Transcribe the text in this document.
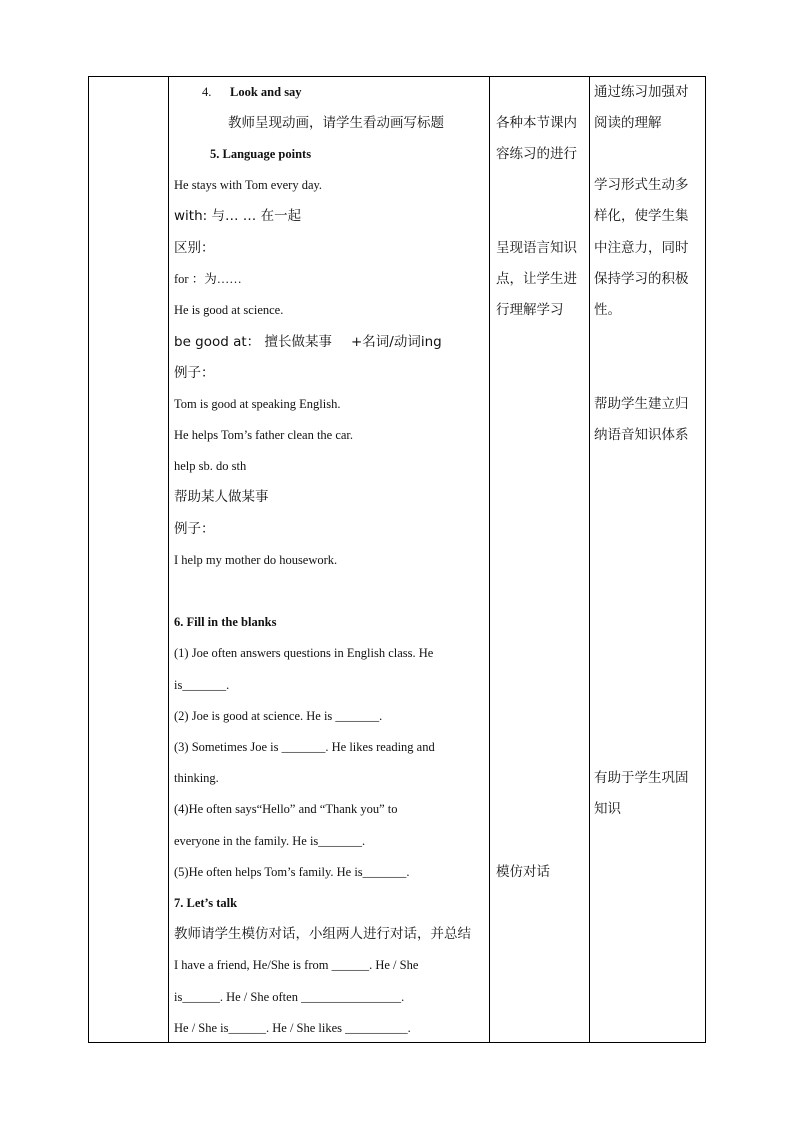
4. Look and say
教师呈现动画，请学生看动画写标题
5. Language points
He stays with Tom every day.
with: 与… … 在一起
区别：
for ：为……
He is good at science.
be good at： 擅长做某事 +名词/动词ing
例子：
Tom is good at speaking English.
He helps Tom’s father clean the car.
help sb. do sth
帮助某人做某事
例子：
I help my mother do housework.
6. Fill in the blanks
(1) Joe often answers questions in English class. He
is_______.
(2) Joe is good at science. He is _______.
(3) Sometimes Joe is _______. He likes reading and
thinking.
(4)He often says“Hello” and “Thank you” to
everyone in the family. He is_______.
(5)He often helps Tom’s family. He is_______.
7. Let’s talk
教师请学生模仿对话，小组两人进行对话，并总结
I have a friend, He/She is from ______. He / She
is______. He / She often ________________.
He / She is______. He / She likes __________.
各种本节课内
容练习的进行
呈现语言知识
点，让学生进
行理解学习
模仿对话
通过练习加强对
阅读的理解
学习形式生动多
样化，使学生集
中注意力，同时
保持学习的积极
性。
帮助学生建立归
纳语音知识体系
有助于学生巩固
知识
